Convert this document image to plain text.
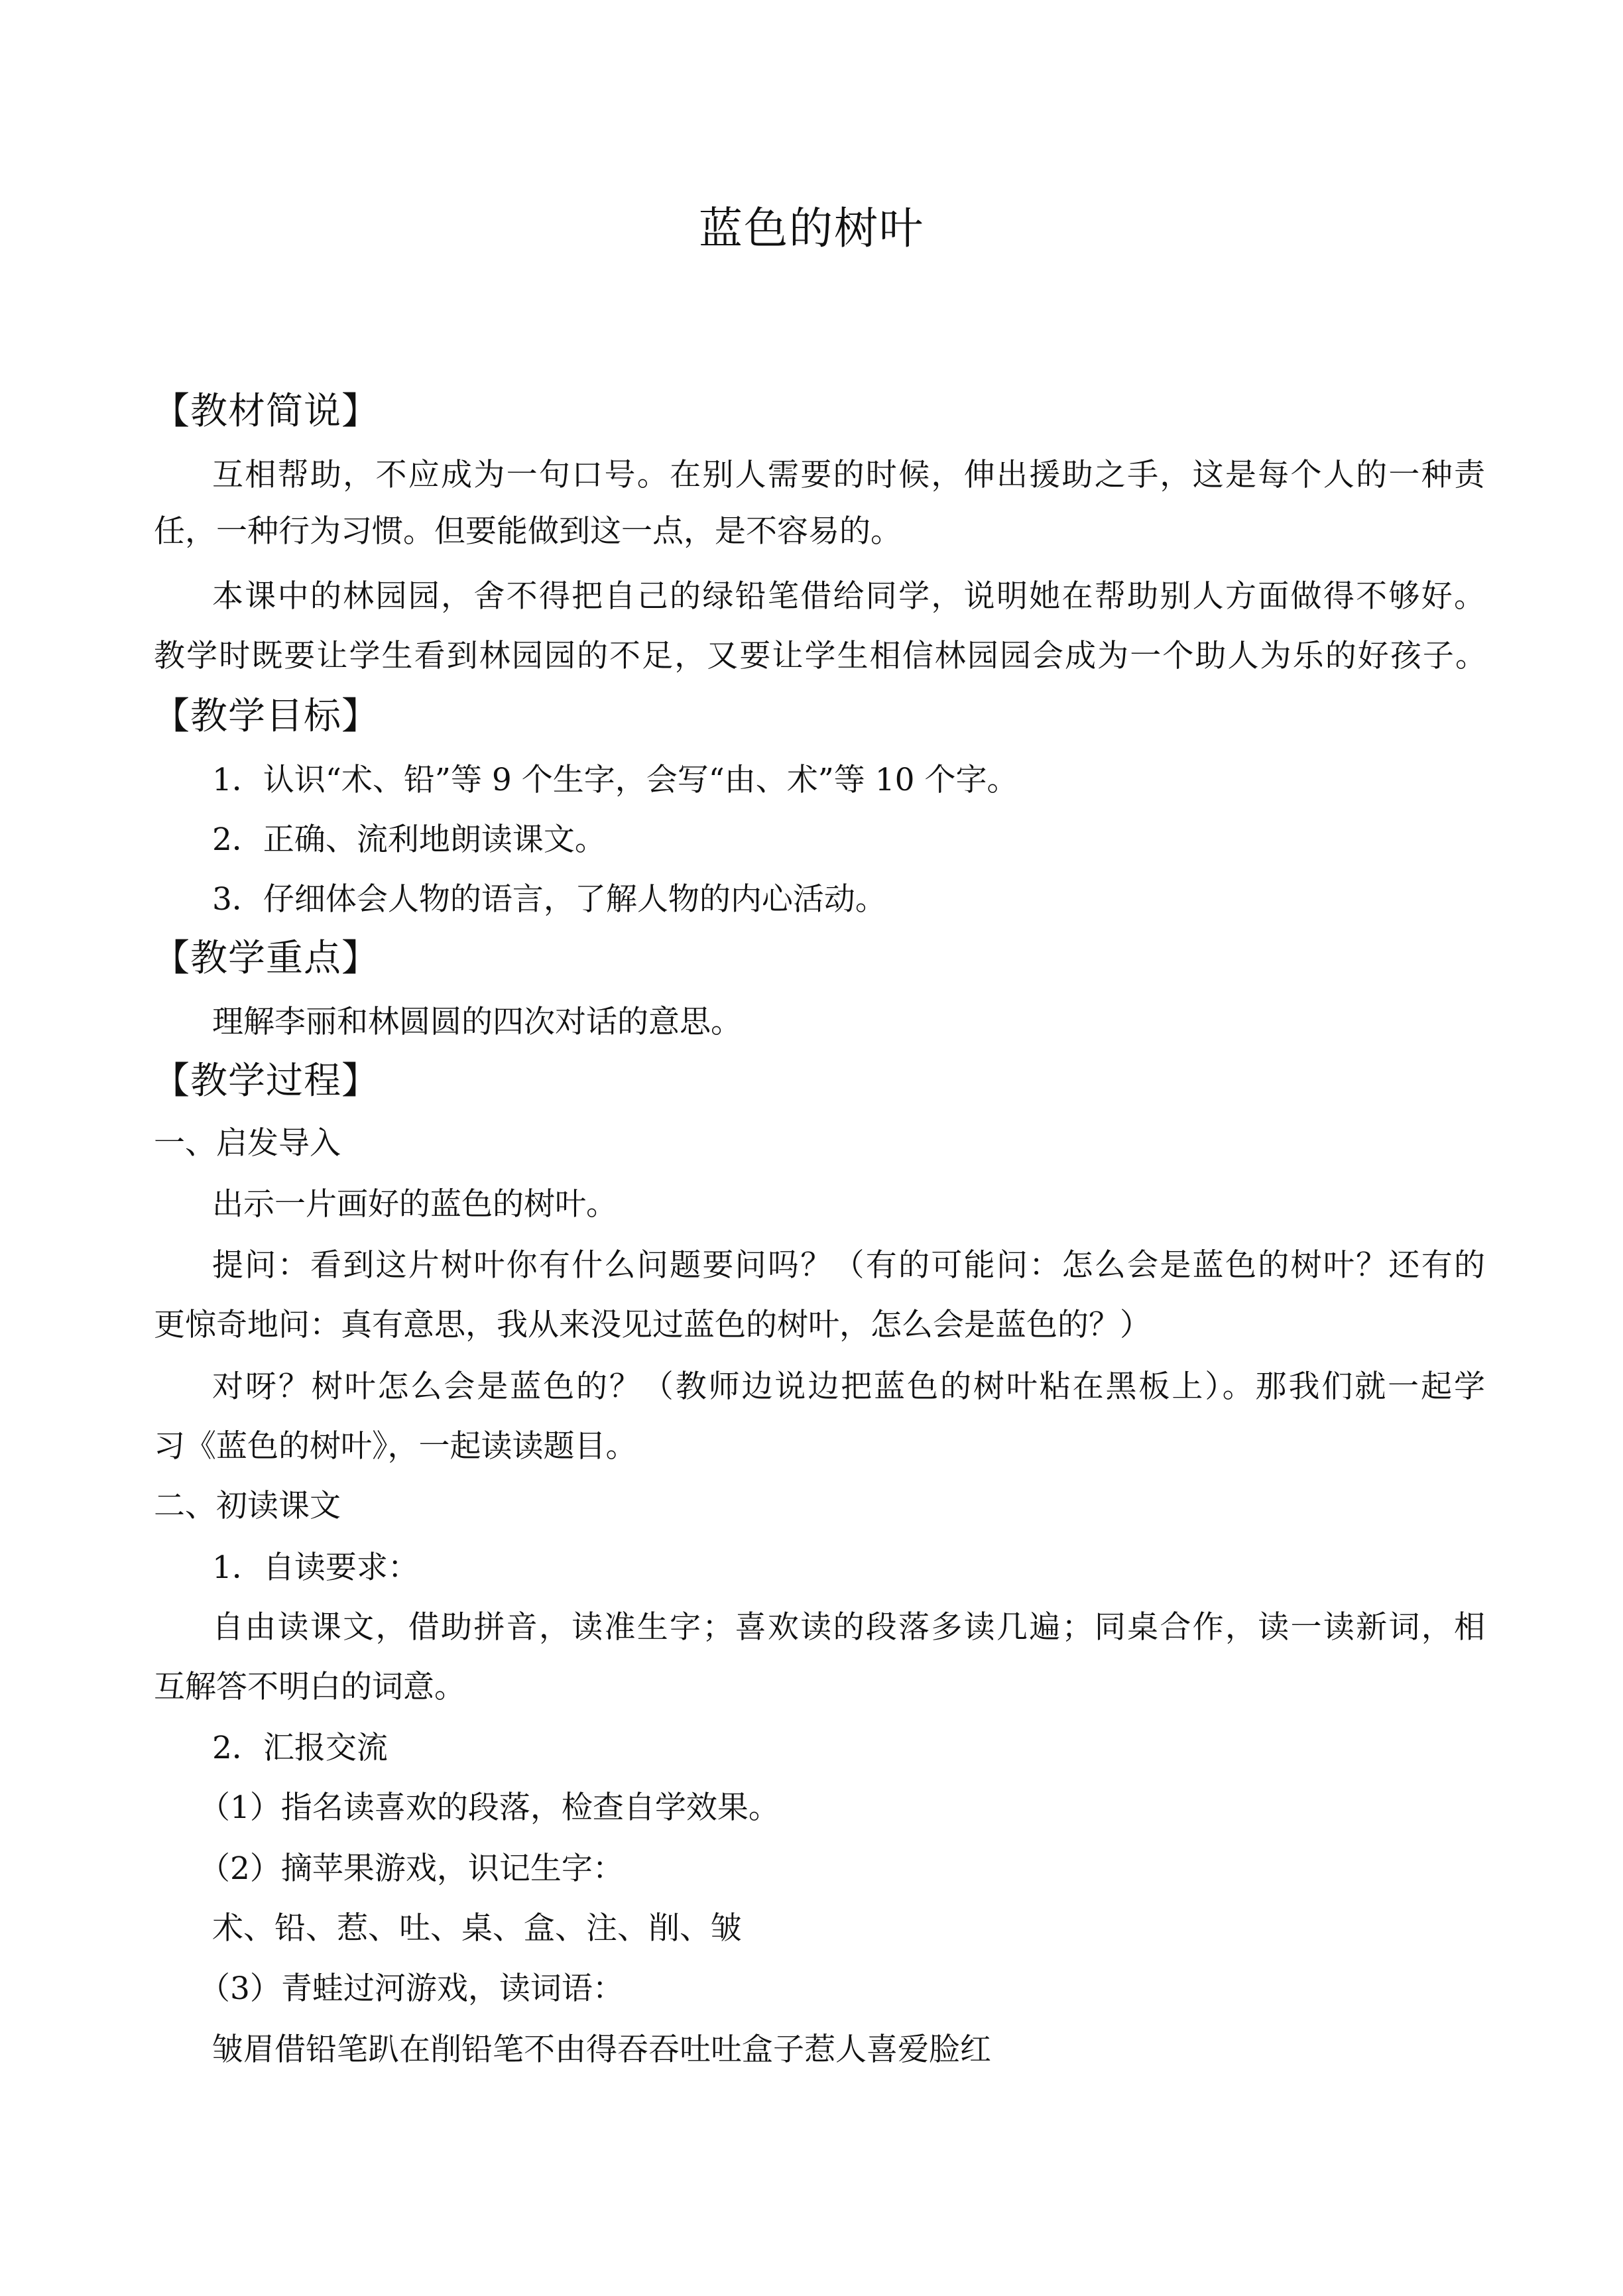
蓝色的树叶
【教材简说】
互相帮助，不应成为一句口号。在别人需要的时候，伸出援助之手，这是每个人的一种责
任，一种行为习惯。但要能做到这一点，是不容易的。
本课中的林园园，舍不得把自己的绿铅笔借给同学，说明她在帮助别人方面做得不够好。
教学时既要让学生看到林园园的不足，又要让学生相信林园园会成为一个助人为乐的好孩子。
【教学目标】
1．认识“术、铅”等 9 个生字，会写“由、术”等 10 个字。
2．正确、流利地朗读课文。
3．仔细体会人物的语言，了解人物的内心活动。
【教学重点】
理解李丽和林圆圆的四次对话的意思。
【教学过程】
一、启发导入
出示一片画好的蓝色的树叶。
提问：看到这片树叶你有什么问题要问吗？（有的可能问：怎么会是蓝色的树叶？还有的
更惊奇地问：真有意思，我从来没见过蓝色的树叶，怎么会是蓝色的？）
对呀？树叶怎么会是蓝色的？（教师边说边把蓝色的树叶粘在黑板上）。那我们就一起学
习《蓝色的树叶》，一起读读题目。
二、初读课文
1．自读要求：
自由读课文，借助拼音，读准生字；喜欢读的段落多读几遍；同桌合作，读一读新词，相
互解答不明白的词意。
2．汇报交流
（1）指名读喜欢的段落，检查自学效果。
（2）摘苹果游戏，识记生字：
术、铅、惹、吐、桌、盒、注、削、皱
（3）青蛙过河游戏，读词语：
皱眉借铅笔趴在削铅笔不由得吞吞吐吐盒子惹人喜爱脸红
